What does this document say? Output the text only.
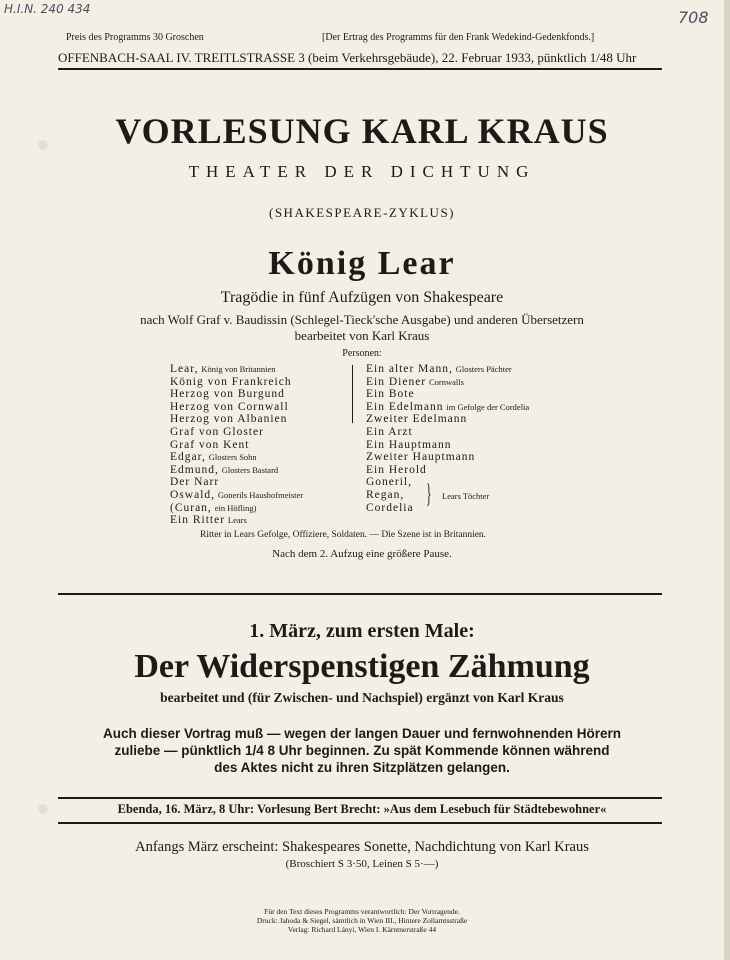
H.I.N. 240 434	708
Preis des Programms 30 Groschen	[Der Ertrag des Programms für den Frank Wedekind-Gedenkfonds.]
OFFENBACH-SAAL IV. TREITLSTRASSE 3 (beim Verkehrsgebäude), 22. Februar 1933, pünktlich 1/48 Uhr
VORLESUNG KARL KRAUS
THEATER DER DICHTUNG
(SHAKESPEARE-ZYKLUS)
König Lear
Tragödie in fünf Aufzügen von Shakespeare
nach Wolf Graf v. Baudissin (Schlegel-Tieck'sche Ausgabe) und anderen Übersetzern
bearbeitet von Karl Kraus
Personen:
Lear, König von Britannien
König von Frankreich
Herzog von Burgund
Herzog von Cornwall
Herzog von Albanien
Graf von Gloster
Graf von Kent
Edgar, Glosters Sohn
Edmund, Glosters Bastard
Der Narr
Oswald, Gonerils Haushofmeister
(Curan, ein Höfling)
Ein Ritter Lears
Ein alter Mann, Glosters Pächter
Ein Diener Cornwalls
Ein Bote
Ein Edelmann im Gefolge der Cordelia
Zweiter Edelmann
Ein Arzt
Ein Hauptmann
Zweiter Hauptmann
Ein Herold
Goneril,
Regan,
Cordelia } Lears Töchter
Ritter in Lears Gefolge, Offiziere, Soldaten. — Die Szene ist in Britannien.
Nach dem 2. Aufzug eine größere Pause.
1. März, zum ersten Male:
Der Widerspenstigen Zähmung
bearbeitet und (für Zwischen- und Nachspiel) ergänzt von Karl Kraus
Auch dieser Vortrag muß — wegen der langen Dauer und fernwohnenden Hörern
zuliebe — pünktlich 1/4 8 Uhr beginnen. Zu spät Kommende können während
des Aktes nicht zu ihren Sitzplätzen gelangen.
Ebenda, 16. März, 8 Uhr: Vorlesung Bert Brecht: »Aus dem Lesebuch für Städtebewohner«
Anfangs März erscheint: Shakespeares Sonette, Nachdichtung von Karl Kraus
(Broschiert S 3·50, Leinen S 5·—)
Für den Text dieses Programms verantwortlich: Der Vortragende.
Druck: Jahoda & Siegel, sämtlich in Wien III., Hintere Zollamtsstraße
Verlag: Richard Lányi, Wien I. Kärntnerstraße 44
